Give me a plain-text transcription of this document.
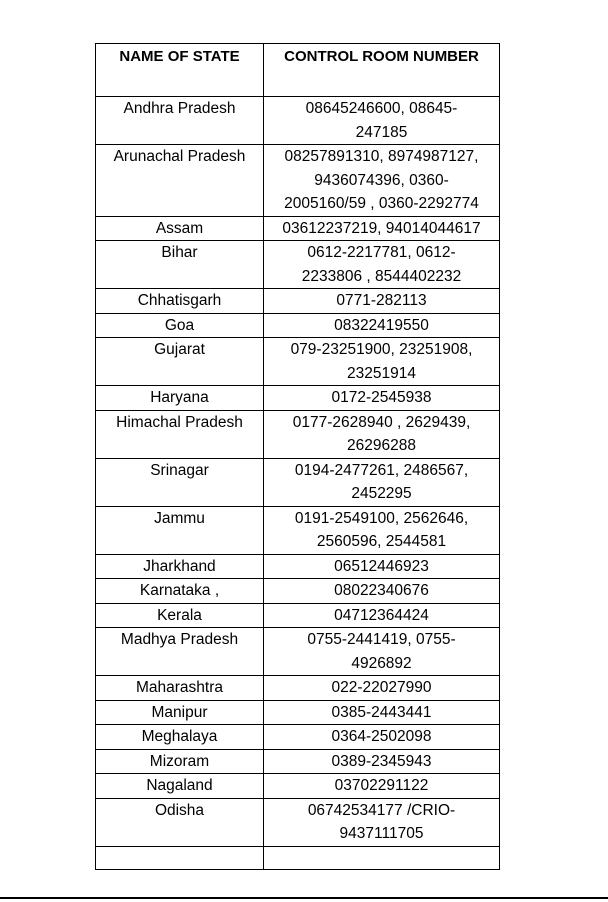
NAME OF STATE	CONTROL ROOM NUMBER
Andhra Pradesh	08645246600, 08645-
247185
Arunachal Pradesh	08257891310, 8974987127,
9436074396, 0360-
2005160/59 , 0360-2292774
Assam	03612237219, 94014044617
Bihar	0612-2217781, 0612-
2233806 , 8544402232
Chhatisgarh	0771-282113
Goa	08322419550
Gujarat	079-23251900, 23251908,
23251914
Haryana	0172-2545938
Himachal Pradesh	0177-2628940 , 2629439,
26296288
Srinagar	0194-2477261, 2486567,
2452295
Jammu	0191-2549100, 2562646,
2560596, 2544581
Jharkhand	06512446923
Karnataka ,	08022340676
Kerala	04712364424
Madhya Pradesh	0755-2441419, 0755-
4926892
Maharashtra	022-22027990
Manipur	0385-2443441
Meghalaya	0364-2502098
Mizoram	0389-2345943
Nagaland	03702291122
Odisha	06742534177 /CRIO-
9437111705
